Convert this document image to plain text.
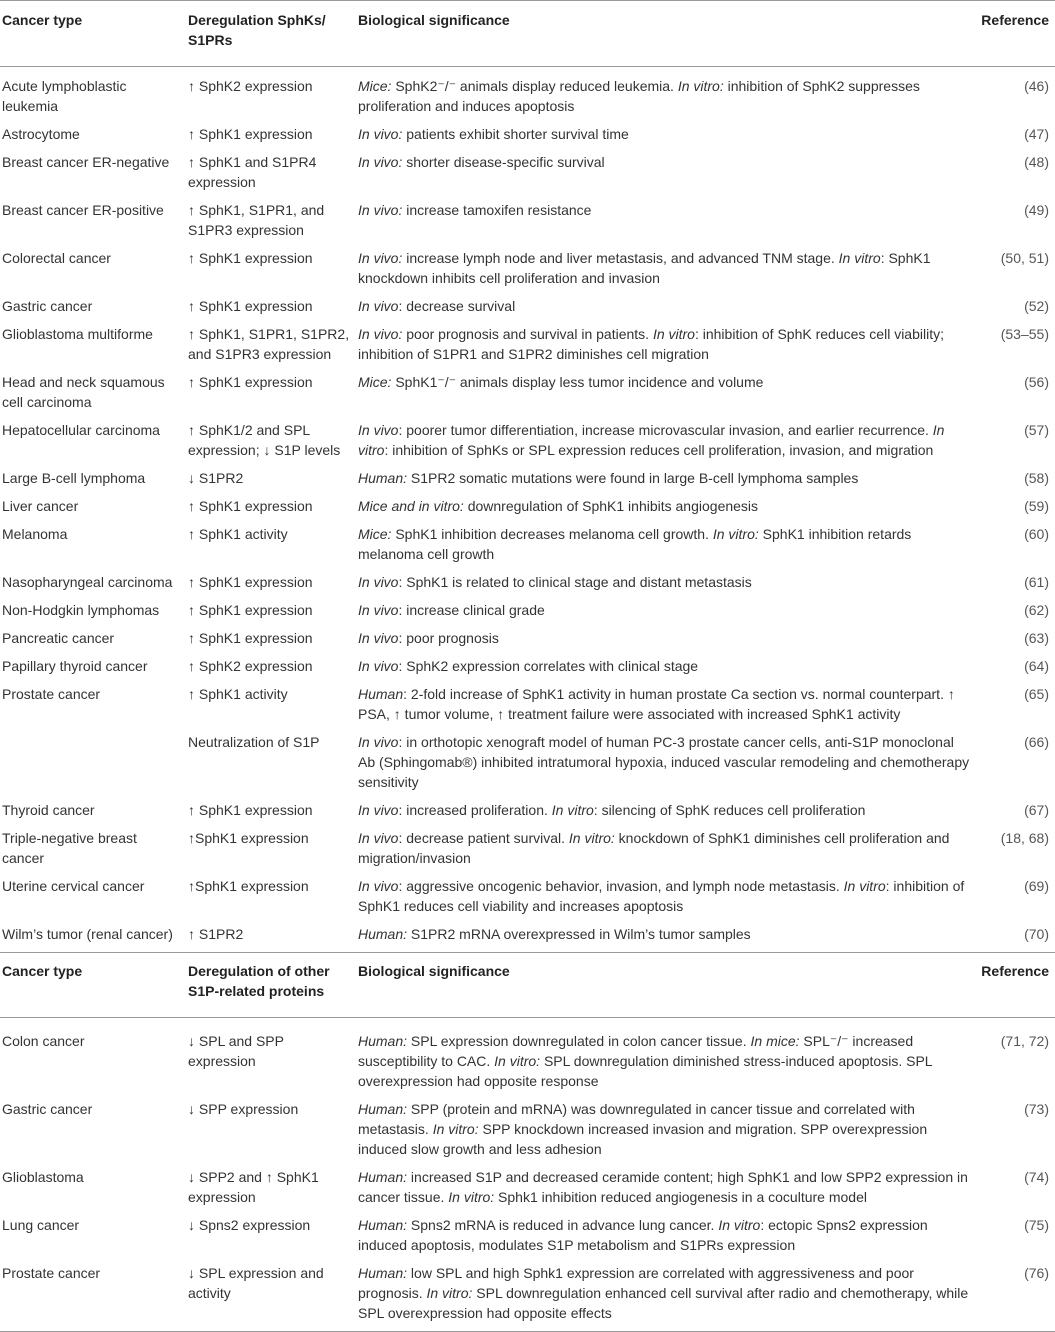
Cancer type	Deregulation SphKs/
S1PRs	Biological significance	Reference
Acute lymphoblastic leukemia	↑ SphK2 expression	Mice: SphK2⁻/⁻ animals display reduced leukemia. In vitro: inhibition of SphK2 suppresses proliferation and induces apoptosis	(46)
Astrocytome	↑ SphK1 expression	In vivo: patients exhibit shorter survival time	(47)
Breast cancer ER-negative	↑ SphK1 and S1PR4 expression	In vivo: shorter disease-specific survival	(48)
Breast cancer ER-positive	↑ SphK1, S1PR1, and S1PR3 expression	In vivo: increase tamoxifen resistance	(49)
Colorectal cancer	↑ SphK1 expression	In vivo: increase lymph node and liver metastasis, and advanced TNM stage. In vitro: SphK1 knockdown inhibits cell proliferation and invasion	(50, 51)
Gastric cancer	↑ SphK1 expression	In vivo: decrease survival	(52)
Glioblastoma multiforme	↑ SphK1, S1PR1, S1PR2, and S1PR3 expression	In vivo: poor prognosis and survival in patients. In vitro: inhibition of SphK reduces cell viability; inhibition of S1PR1 and S1PR2 diminishes cell migration	(53–55)
Head and neck squamous cell carcinoma	↑ SphK1 expression	Mice: SphK1⁻/⁻ animals display less tumor incidence and volume	(56)
Hepatocellular carcinoma	↑ SphK1/2 and SPL expression; ↓ S1P levels	In vivo: poorer tumor differentiation, increase microvascular invasion, and earlier recurrence. In vitro: inhibition of SphKs or SPL expression reduces cell proliferation, invasion, and migration	(57)
Large B-cell lymphoma	↓ S1PR2	Human: S1PR2 somatic mutations were found in large B-cell lymphoma samples	(58)
Liver cancer	↑ SphK1 expression	Mice and in vitro: downregulation of SphK1 inhibits angiogenesis	(59)
Melanoma	↑ SphK1 activity	Mice: SphK1 inhibition decreases melanoma cell growth. In vitro: SphK1 inhibition retards melanoma cell growth	(60)
Nasopharyngeal carcinoma	↑ SphK1 expression	In vivo: SphK1 is related to clinical stage and distant metastasis	(61)
Non-Hodgkin lymphomas	↑ SphK1 expression	In vivo: increase clinical grade	(62)
Pancreatic cancer	↑ SphK1 expression	In vivo: poor prognosis	(63)
Papillary thyroid cancer	↑ SphK2 expression	In vivo: SphK2 expression correlates with clinical stage	(64)
Prostate cancer	↑ SphK1 activity	Human: 2-fold increase of SphK1 activity in human prostate Ca section vs. normal counterpart. ↑ PSA, ↑ tumor volume, ↑ treatment failure were associated with increased SphK1 activity	(65)
	Neutralization of S1P	In vivo: in orthotopic xenograft model of human PC-3 prostate cancer cells, anti-S1P monoclonal Ab (Sphingomab®) inhibited intratumoral hypoxia, induced vascular remodeling and chemotherapy sensitivity	(66)
Thyroid cancer	↑ SphK1 expression	In vivo: increased proliferation. In vitro: silencing of SphK reduces cell proliferation	(67)
Triple-negative breast cancer	↑SphK1 expression	In vivo: decrease patient survival. In vitro: knockdown of SphK1 diminishes cell proliferation and migration/invasion	(18, 68)
Uterine cervical cancer	↑SphK1 expression	In vivo: aggressive oncogenic behavior, invasion, and lymph node metastasis. In vitro: inhibition of SphK1 reduces cell viability and increases apoptosis	(69)
Wilm’s tumor (renal cancer)	↑ S1PR2	Human: S1PR2 mRNA overexpressed in Wilm’s tumor samples	(70)
Cancer type	Deregulation of other
S1P-related proteins	Biological significance	Reference
Colon cancer	↓ SPL and SPP expression	Human: SPL expression downregulated in colon cancer tissue. In mice: SPL⁻/⁻ increased susceptibility to CAC. In vitro: SPL downregulation diminished stress-induced apoptosis. SPL overexpression had opposite response	(71, 72)
Gastric cancer	↓ SPP expression	Human: SPP (protein and mRNA) was downregulated in cancer tissue and correlated with metastasis. In vitro: SPP knockdown increased invasion and migration. SPP overexpression induced slow growth and less adhesion	(73)
Glioblastoma	↓ SPP2 and ↑ SphK1 expression	Human: increased S1P and decreased ceramide content; high SphK1 and low SPP2 expression in cancer tissue. In vitro: Sphk1 inhibition reduced angiogenesis in a coculture model	(74)
Lung cancer	↓ Spns2 expression	Human: Spns2 mRNA is reduced in advance lung cancer. In vitro: ectopic Spns2 expression induced apoptosis, modulates S1P metabolism and S1PRs expression	(75)
Prostate cancer	↓ SPL expression and activity	Human: low SPL and high Sphk1 expression are correlated with aggressiveness and poor prognosis. In vitro: SPL downregulation enhanced cell survival after radio and chemotherapy, while SPL overexpression had opposite effects	(76)
